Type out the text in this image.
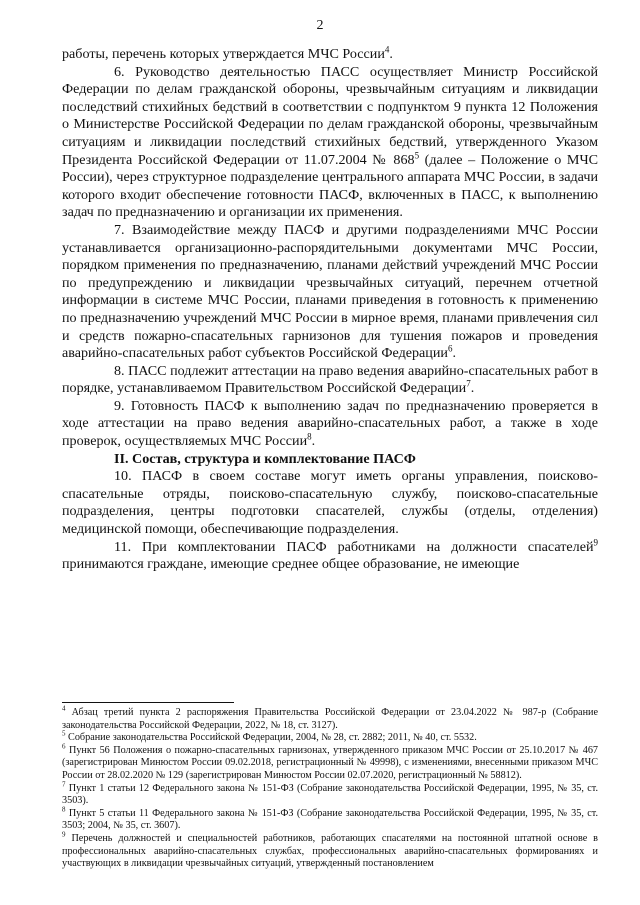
2

работы, перечень которых утверждается МЧС России$^4$.

6. Руководство деятельностью ПАСС осуществляет Министр Российской Федерации по делам гражданской обороны, чрезвычайным ситуациям и ликвидации последствий стихийных бедствий в соответствии с подпунктом 9 пункта 12 Положения о Министерстве Российской Федерации по делам гражданской обороны, чрезвычайным ситуациям и ликвидации последствий стихийных бедствий, утвержденного Указом Президента Российской Федерации от 11.07.2004 № $868^5$ (далее – Положение о МЧС России), через структурное подразделение центрального аппарата МЧС России, в задачи которого входит обеспечение готовности ПАСФ, включенных в ПАСС, к выполнению задач по предназначению и организации их применения.

7. Взаимодействие между ПАСФ и другими подразделениями МЧС России устанавливается организационно-распорядительными документами МЧС России, порядком применения по предназначению, планами действий учреждений МЧС России по предупреждению и ликвидации чрезвычайных ситуаций, перечнем отчетной информации в системе МЧС России, планами приведения в готовность к применению по предназначению учреждений МЧС России в мирное время, планами привлечения сил и средств пожарно-спасательных гарнизонов для тушения пожаров и проведения аварийно-спасательных работ субъектов Российской Федерации$^6$.

8. ПАСС подлежит аттестации на право ведения аварийно-спасательных работ в порядке, устанавливаемом Правительством Российской Федерации$^7$.

9. Готовность ПАСФ к выполнению задач по предназначению проверяется в ходе аттестации на право ведения аварийно-спасательных работ, а также в ходе проверок, осуществляемых МЧС России$^8$.

II. Состав, структура и комплектование ПАСФ

10. ПАСФ в своем составе могут иметь органы управления, поисково-спасательные отряды, поисково-спасательную службу, поисково-спасательные подразделения, центры подготовки спасателей, службы (отделы, отделения) медицинской помощи, обеспечивающие подразделения.

11. При комплектовании ПАСФ работниками на должности спасателей$^9$ принимаются граждане, имеющие среднее общее образование, не имеющие

$^4$ Абзац третий пункта 2 распоряжения Правительства Российской Федерации от 23.04.2022 № 987-р (Собрание законодательства Российской Федерации, 2022, № 18, ст. 3127).

$^5$ Собрание законодательства Российской Федерации, 2004, № 28, ст. 2882; 2011, № 40, ст. 5532.

$^6$ Пункт 56 Положения о пожарно-спасательных гарнизонах, утвержденного приказом МЧС России от 25.10.2017 № 467 (зарегистрирован Минюстом России 09.02.2018, регистрационный № 49998), с изменениями, внесенными приказом МЧС России от 28.02.2020 № 129 (зарегистрирован Минюстом России 02.07.2020, регистрационный № 58812).

$^7$ Пункт 1 статьи 12 Федерального закона № 151-ФЗ (Собрание законодательства Российской Федерации, 1995, № 35, ст. 3503).

$^8$ Пункт 5 статьи 11 Федерального закона № 151-ФЗ (Собрание законодательства Российской Федерации, 1995, № 35, ст. 3503; 2004, № 35, ст. 3607).

$^9$ Перечень должностей и специальностей работников, работающих спасателями на постоянной штатной основе в профессиональных аварийно-спасательных службах, профессиональных аварийно-спасательных формированиях и участвующих в ликвидации чрезвычайных ситуаций, утвержденный постановлением
